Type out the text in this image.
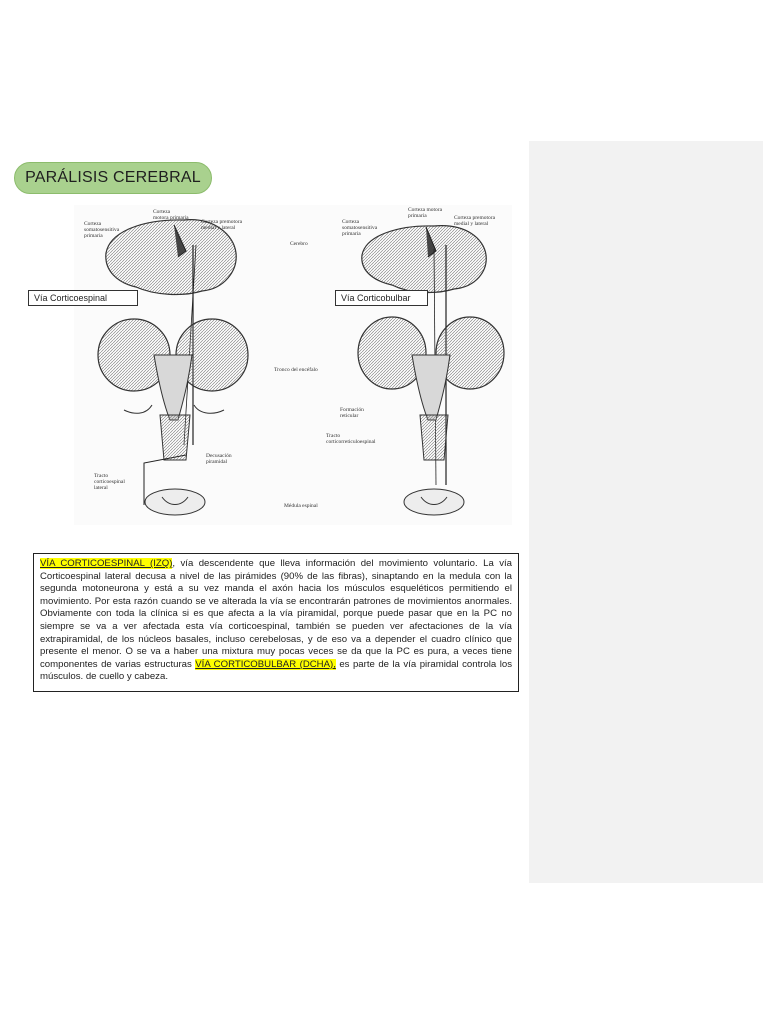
PARÁLISIS CEREBRAL
Corteza
somatosensitiva
primaria
Corteza
motora primaria
Corteza premotora
medial y lateral
Decusación
piramidal
Tracto
corticoespinal
lateral
Cerebro
Tronco del encéfalo
Médula espinal
Corteza
somatosensitiva
primaria
Corteza motora
primaria	Corteza premotora
medial y lateral
Formación
reticular
Tracto
corticorreticuloespinal
Vía Corticoespinal	Vía Corticobulbar
VÍA CORTICOESPINAL (IZQ), vía descendente que lleva información del movimiento voluntario. La vía Corticoespinal lateral decusa a nivel de las pirámides (90% de las fibras), sinaptando en la medula con la segunda motoneurona y está a su vez manda el axón hacia los músculos esqueléticos permitiendo el movimiento. Por esta razón cuando se ve alterada la vía se encontrarán patrones de movimientos anormales. Obviamente con toda la clínica si es que afecta a la vía piramidal, porque puede pasar que en la PC no siempre se va a ver afectada esta vía corticoespinal, también se pueden ver afectaciones de la vía extrapiramidal, de los núcleos basales, incluso cerebelosas, y de eso va a depender el cuadro clínico que presente el menor. O se va a haber una mixtura muy pocas veces se da que la PC es pura, a veces tiene componentes de varias estructuras VÍA CORTICOBULBAR (DCHA), es parte de la vía piramidal controla los músculos. de cuello y cabeza.
